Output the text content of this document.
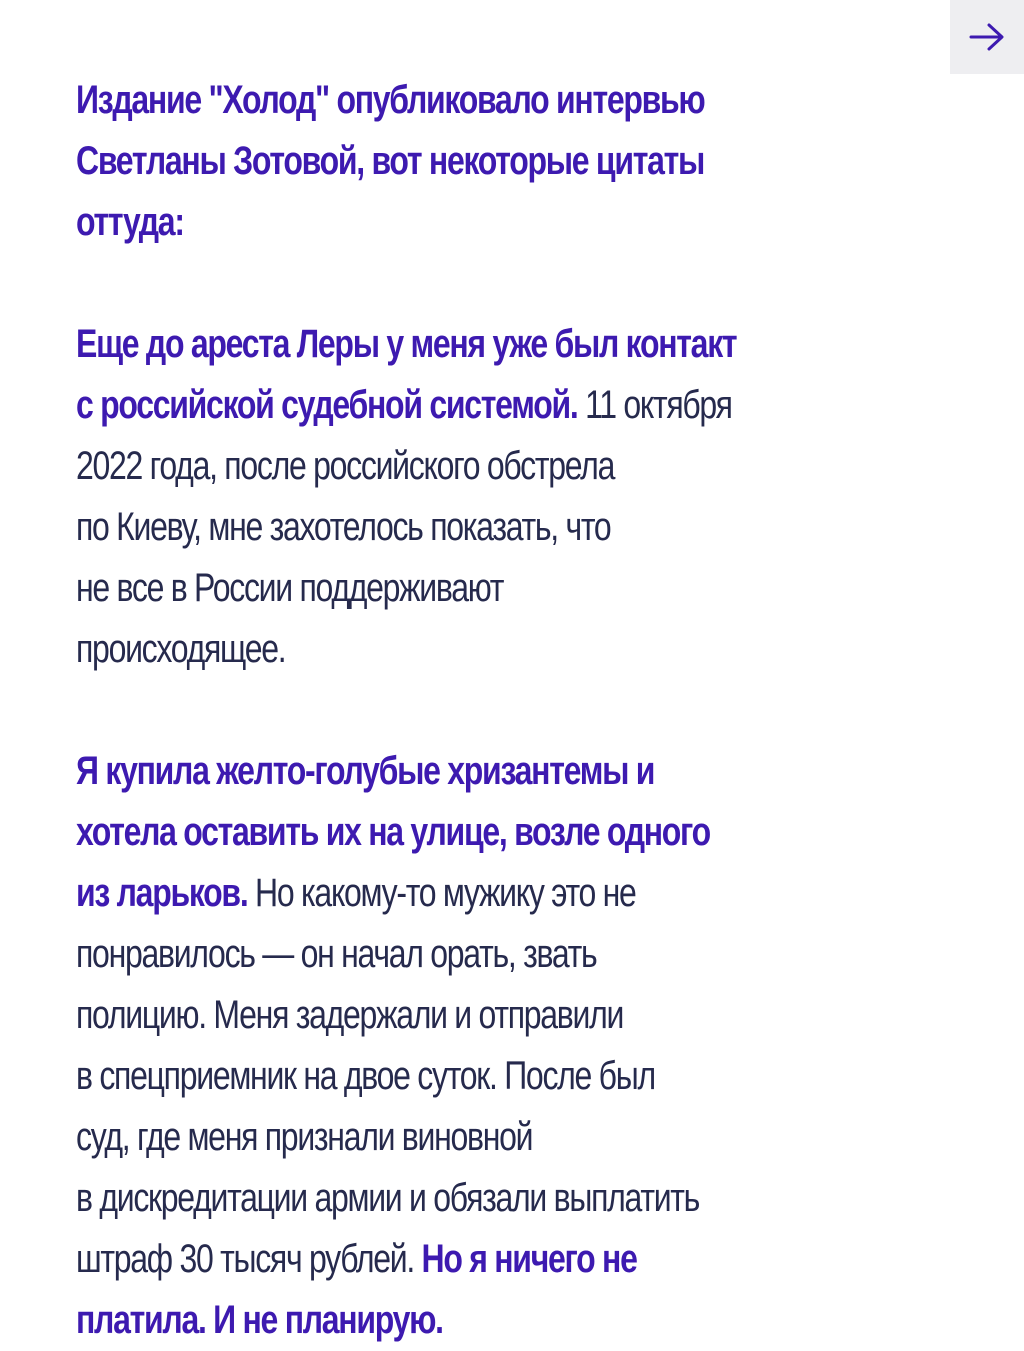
Издание "Холод" опубликовало интервью
Светланы Зотовой, вот некоторые цитаты
оттуда:
Еще до ареста Леры у меня уже был контакт
с российской судебной системой. 11 октября
2022 года, после российского обстрела
по Киеву, мне захотелось показать, что
не все в России поддерживают
происходящее.
Я купила желто-голубые хризантемы и
хотела оставить их на улице, возле одного
из ларьков. Но какому-то мужику это не
понравилось — он начал орать, звать
полицию. Меня задержали и отправили
в спецприемник на двое суток. После был
суд, где меня признали виновной
в дискредитации армии и обязали выплатить
штраф 30 тысяч рублей. Но я ничего не
платила. И не планирую.
